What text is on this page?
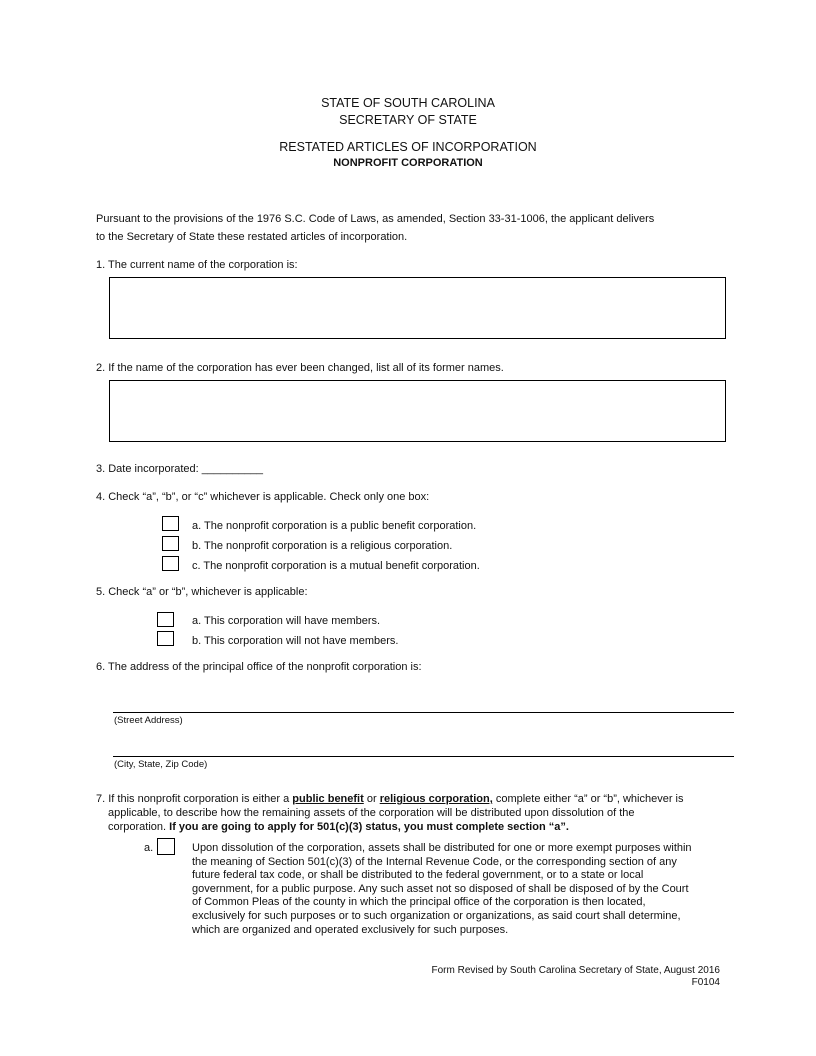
STATE OF SOUTH CAROLINA
SECRETARY OF STATE
RESTATED ARTICLES OF INCORPORATION
NONPROFIT CORPORATION
Pursuant to the provisions of the 1976 S.C. Code of Laws, as amended, Section 33-31-1006, the applicant delivers
to the Secretary of State these restated articles of incorporation.
1. The current name of the corporation is:
2. If the name of the corporation has ever been changed, list all of its former names.
3. Date incorporated: __________
4. Check “a”, “b”, or “c” whichever is applicable. Check only one box:
a. The nonprofit corporation is a public benefit corporation.
b. The nonprofit corporation is a religious corporation.
c. The nonprofit corporation is a mutual benefit corporation.
5. Check “a” or “b”, whichever is applicable:
a. This corporation will have members.
b. This corporation will not have members.
6. The address of the principal office of the nonprofit corporation is:
(Street Address)
(City, State, Zip Code)
7. If this nonprofit corporation is either a public benefit or religious corporation, complete either “a” or “b”, whichever is
applicable, to describe how the remaining assets of the corporation will be distributed upon dissolution of the
corporation. If you are going to apply for 501(c)(3) status, you must complete section “a”.
a.	Upon dissolution of the corporation, assets shall be distributed for one or more exempt purposes within
the meaning of Section 501(c)(3) of the Internal Revenue Code, or the corresponding section of any
future federal tax code, or shall be distributed to the federal government, or to a state or local
government, for a public purpose. Any such asset not so disposed of shall be disposed of by the Court
of Common Pleas of the county in which the principal office of the corporation is then located,
exclusively for such purposes or to such organization or organizations, as said court shall determine,
which are organized and operated exclusively for such purposes.
Form Revised by South Carolina Secretary of State, August 2016
F0104
